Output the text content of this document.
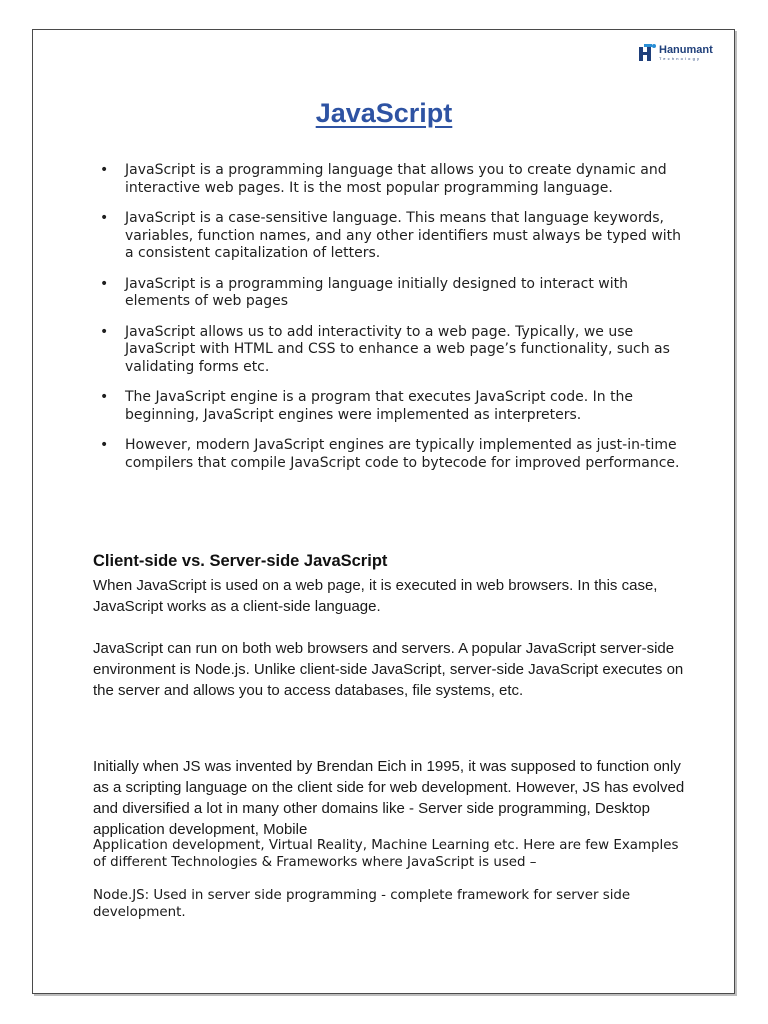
Hanumant
Technology
JavaScript
• JavaScript is a programming language that allows you to create dynamic and interactive web pages. It is the most popular programming language.
• JavaScript is a case-sensitive language. This means that language keywords, variables, function names, and any other identifiers must always be typed with a consistent capitalization of letters.
• JavaScript is a programming language initially designed to interact with elements of web pages
• JavaScript allows us to add interactivity to a web page. Typically, we use JavaScript with HTML and CSS to enhance a web page’s functionality, such as validating forms etc.
• The JavaScript engine is a program that executes JavaScript code. In the beginning, JavaScript engines were implemented as interpreters.
• However, modern JavaScript engines are typically implemented as just-in-time compilers that compile JavaScript code to bytecode for improved performance.
Client-side vs. Server-side JavaScript

When JavaScript is used on a web page, it is executed in web browsers. In this case, JavaScript works as a client-side language.

JavaScript can run on both web browsers and servers. A popular JavaScript server-side environment is Node.js. Unlike client-side JavaScript, server-side JavaScript executes on the server and allows you to access databases, file systems, etc.

Initially when JS was invented by Brendan Eich in 1995, it was supposed to function only as a scripting language on the client side for web development. However, JS has evolved and diversified a lot in many other domains like - Server side programming, Desktop application development, Mobile

Application development, Virtual Reality, Machine Learning etc. Here are few Examples of different Technologies & Frameworks where JavaScript is used –

Node.JS: Used in server side programming - complete framework for server side development.
